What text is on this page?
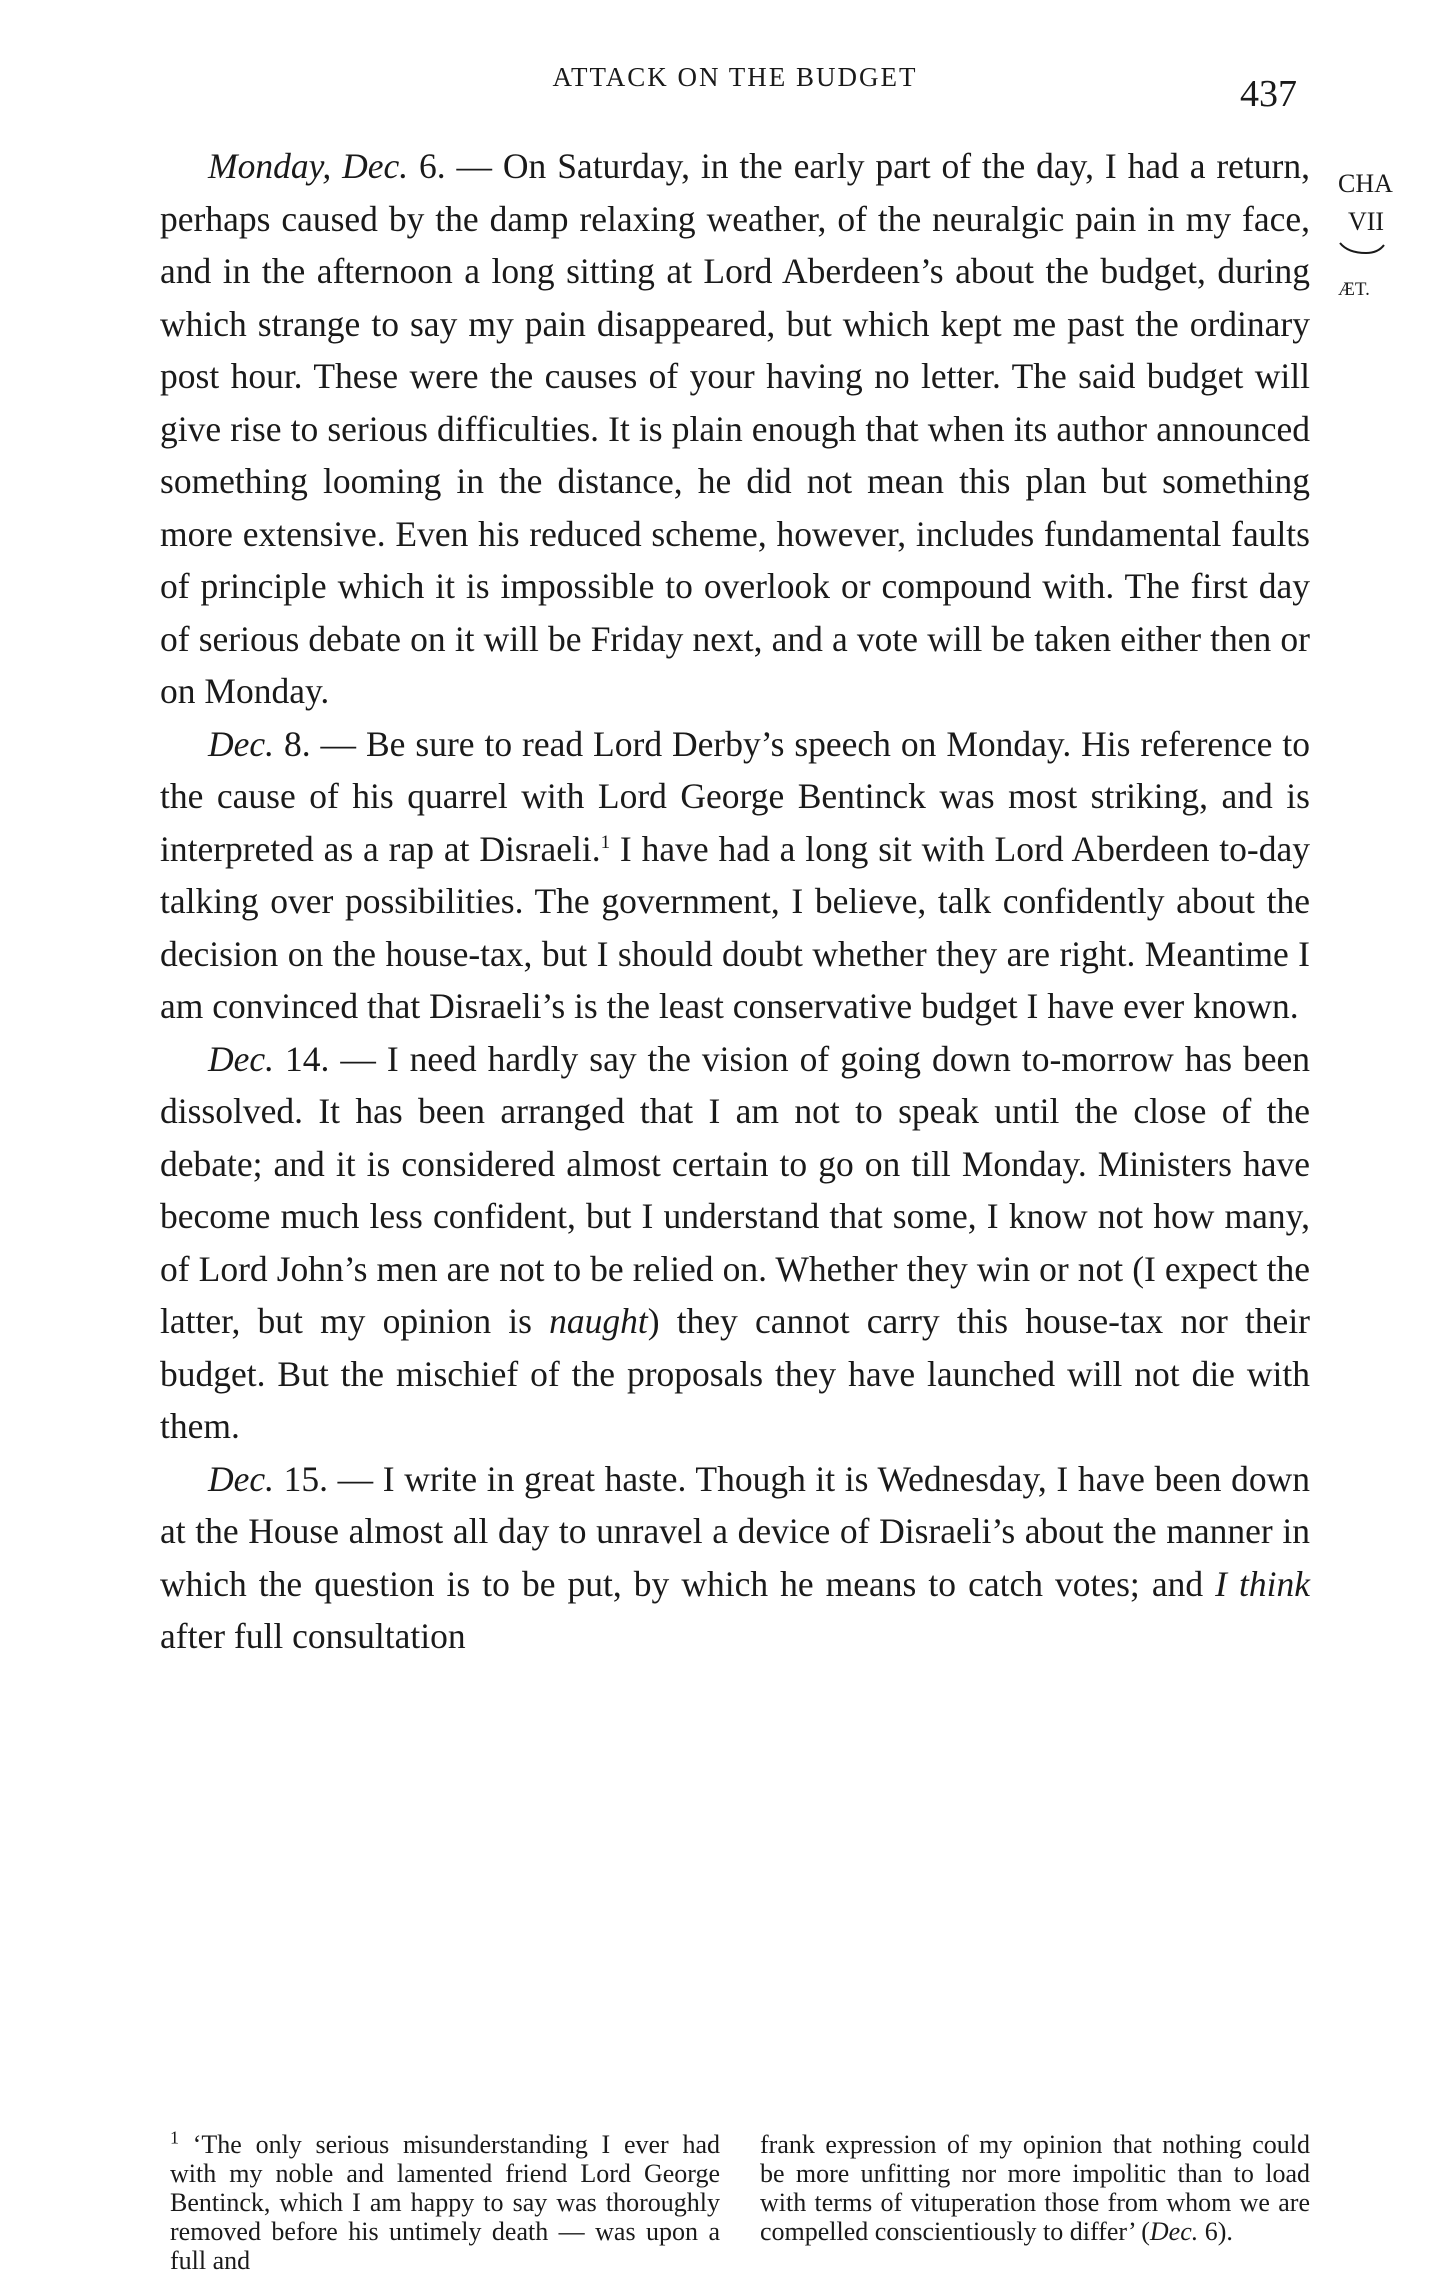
ATTACK ON THE BUDGET	437
CHA
VII
ÆT.

Monday, Dec. 6. — On Saturday, in the early part of the day, I had a return, perhaps caused by the damp relaxing weather, of the neuralgic pain in my face, and in the afternoon a long sitting at Lord Aberdeen’s about the budget, during which strange to say my pain disappeared, but which kept me past the ordinary post hour. These were the causes of your having no letter. The said budget will give rise to serious difficulties. It is plain enough that when its author announced something looming in the distance, he did not mean this plan but something more extensive. Even his reduced scheme, however, includes fundamental faults of principle which it is impossible to overlook or compound with. The first day of serious debate on it will be Friday next, and a vote will be taken either then or on Monday.

Dec. 8. — Be sure to read Lord Derby’s speech on Monday. His reference to the cause of his quarrel with Lord George Bentinck was most striking, and is interpreted as a rap at Disraeli.$^1$ I have had a long sit with Lord Aberdeen to-day talking over possibilities. The government, I believe, talk confidently about the decision on the house-tax, but I should doubt whether they are right. Meantime I am convinced that Disraeli’s is the least conservative budget I have ever known.

Dec. 14. — I need hardly say the vision of going down to-morrow has been dissolved. It has been arranged that I am not to speak until the close of the debate; and it is considered almost certain to go on till Monday. Ministers have become much less confident, but I understand that some, I know not how many, of Lord John’s men are not to be relied on. Whether they win or not (I expect the latter, but my opinion is naught) they cannot carry this house-tax nor their budget. But the mischief of the proposals they have launched will not die with them.

Dec. 15. — I write in great haste. Though it is Wednesday, I have been down at the House almost all day to unravel a device of Disraeli’s about the manner in which the question is to be put, by which he means to catch votes; and I think after full consultation

$^1$ ‘The only serious misunderstanding I ever had with my noble and lamented friend Lord George Bentinck, which I am happy to say was thoroughly removed before his untimely death — was upon a full and
frank expression of my opinion that nothing could be more unfitting nor more impolitic than to load with terms of vituperation those from whom we are compelled conscientiously to differ’ (Dec. 6).
